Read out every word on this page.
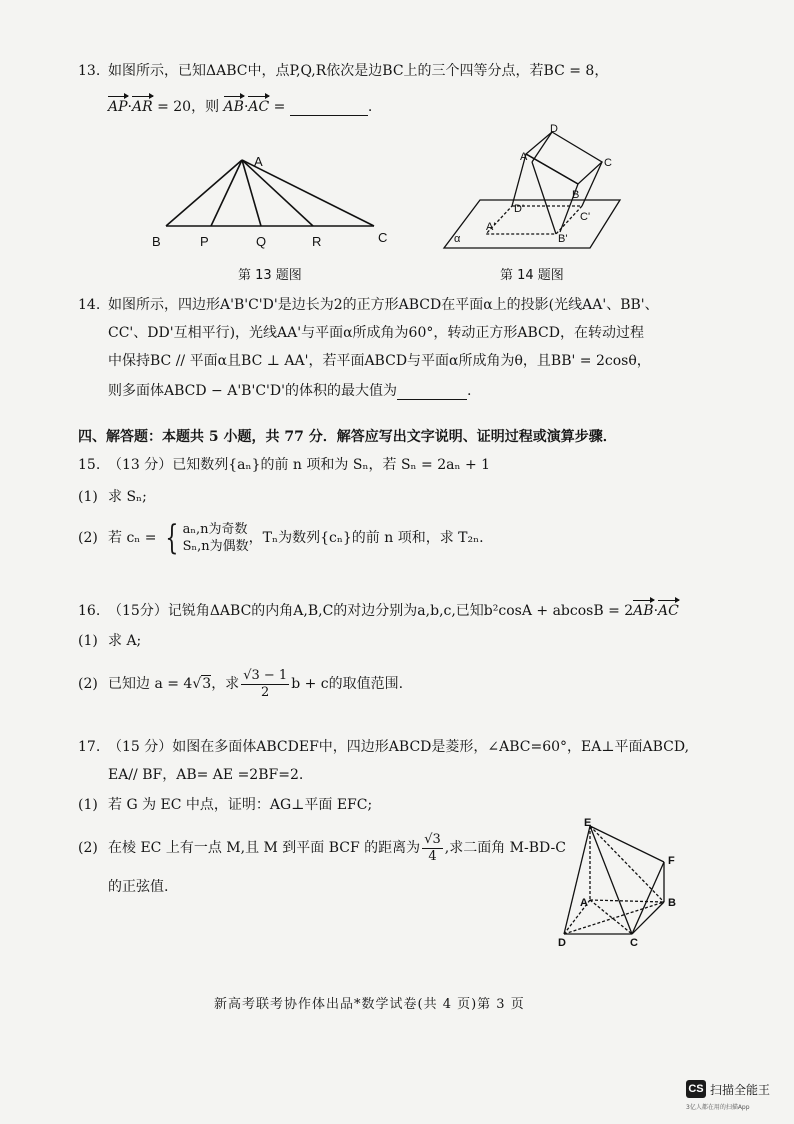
13. 如图所示，已知ΔABC中，点P,Q,R依次是边BC上的三个四等分点，若BC = 8，
AP·AR = 20，则 AB·AC =	.
A
B	P	Q	R	C
第 13 题图
D
A	C
B
D'
C'
A'
B'
α
第 14 题图
14. 如图所示，四边形A'B'C'D'是边长为2的正方形ABCD在平面α上的投影(光线AA'、BB'、
CC'、DD'互相平行)，光线AA'与平面α所成角为60°，转动正方形ABCD，在转动过程
中保持BC // 平面α且BC ⊥ AA'，若平面ABCD与平面α所成角为θ，且BB' = 2cosθ，
则多面体ABCD − A'B'C'D'的体积的最大值为	.
四、解答题：本题共 5 小题，共 77 分．解答应写出文字说明、证明过程或演算步骤．
15. （13 分）已知数列{aₙ}的前 n 项和为 Sₙ，若 Sₙ = 2aₙ + 1
(1) 求 Sₙ;
(2) 若 cₙ = { aₙ,n为奇数
Sₙ,n为偶数
，Tₙ为数列{cₙ}的前 n 项和，求 T₂ₙ.
16. （15分）记锐角ΔABC的内角A,B,C的对边分别为a,b,c,已知b²cosA + abcosB = 2AB·AC
(1) 求 A;
(2) 已知边 a = 4√3，求 $\frac{√3 - 1}{2}$ b + c的取值范围.
17. （15 分）如图在多面体ABCDEF中，四边形ABCD是菱形，∠ABC=60°，EA⊥平面ABCD,
EA// BF，AB= AE =2BF=2.
(1) 若 G 为 EC 中点，证明：AG⊥平面 EFC;
(2) 在棱 EC 上有一点 M,且 M 到平面 BCF 的距离为 $\frac{√3}{4}$ ,求二面角 M-BD-C
的正弦值.
E
F
A	B
D	C
新高考联考协作体出品*数学试卷(共 4 页)第 3 页
CS 扫描全能王
3亿人都在用的扫描App
